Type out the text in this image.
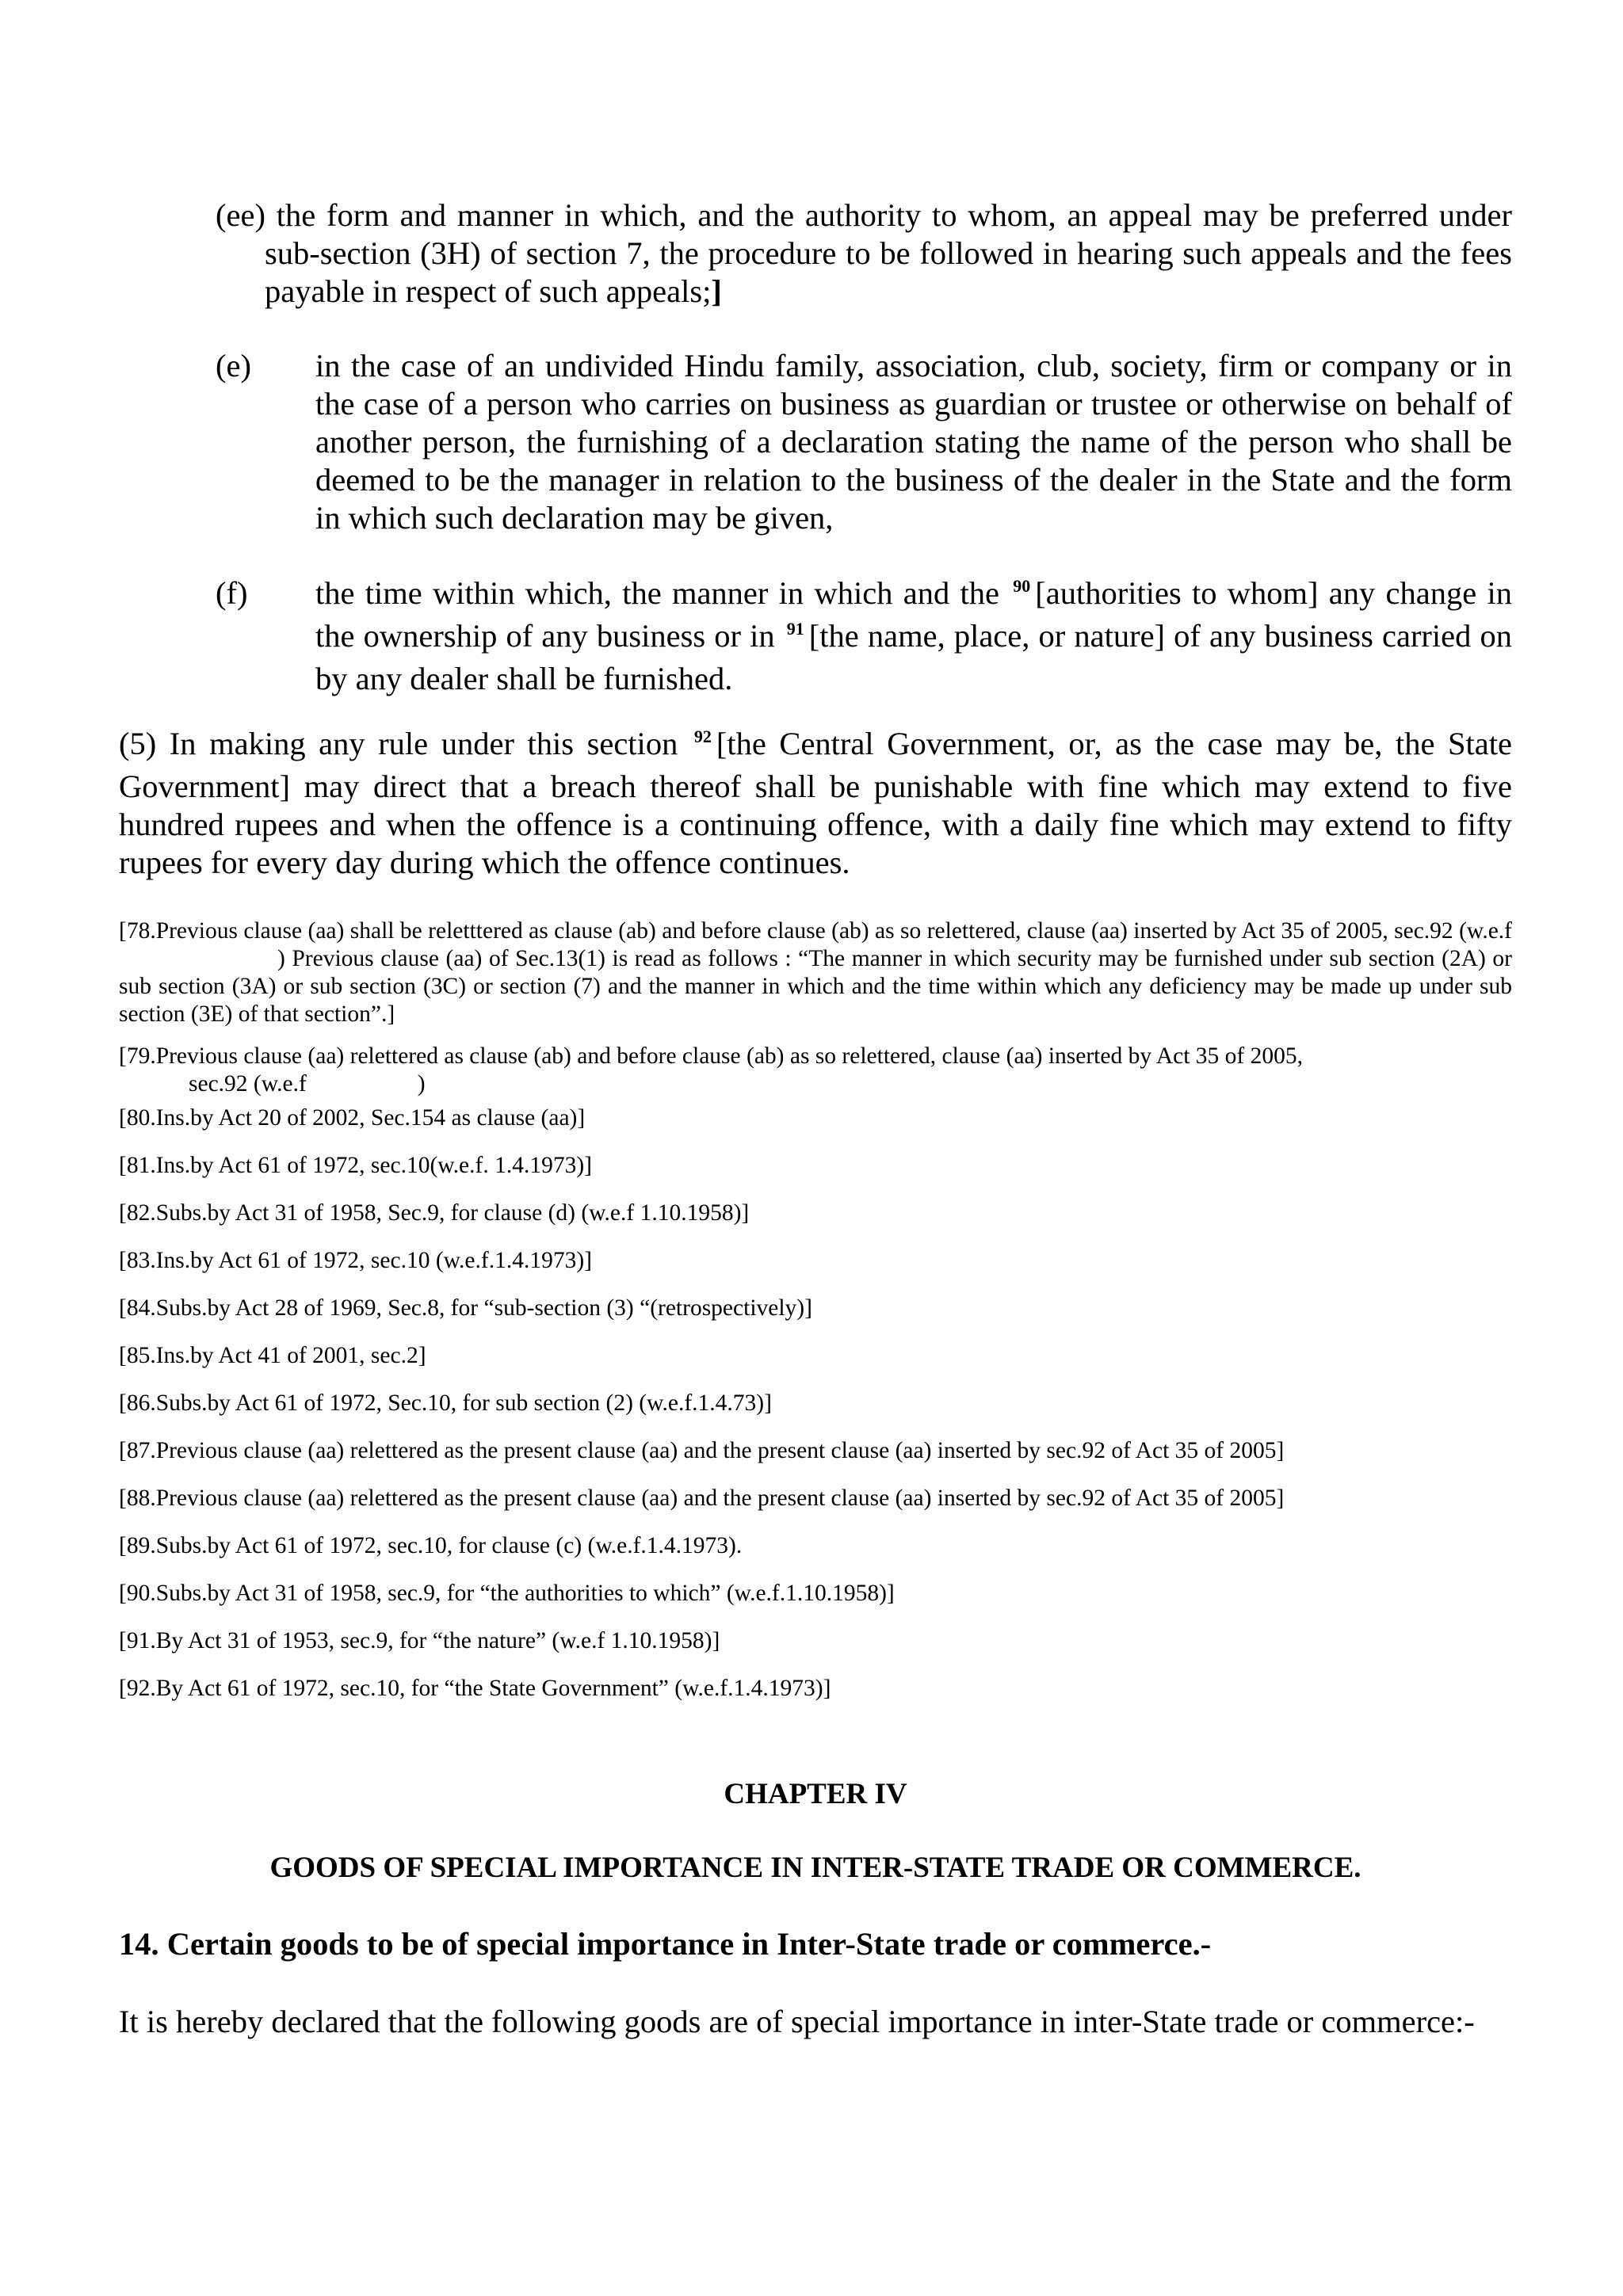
(ee) the form and manner in which, and the authority to whom, an appeal may be preferred under sub-section (3H) of section 7, the procedure to be followed in hearing such appeals and the fees payable in respect of such appeals;]
(e) in the case of an undivided Hindu family, association, club, society, firm or company or in the case of a person who carries on business as guardian or trustee or otherwise on behalf of another person, the furnishing of a declaration stating the name of the person who shall be deemed to be the manager in relation to the business of the dealer in the State and the form in which such declaration may be given,
(f) the time within which, the manner in which and the $^{90}$ [authorities to whom] any change in the ownership of any business or in $^{91}$ [the name, place, or nature] of any business carried on by any dealer shall be furnished.
(5) In making any rule under this section $^{92}$ [the Central Government, or, as the case may be, the State Government] may direct that a breach thereof shall be punishable with fine which may extend to five hundred rupees and when the offence is a continuing offence, with a daily fine which may extend to fifty rupees for every day during which the offence continues.
[78.Previous clause (aa) shall be reletttered as clause (ab) and before clause (ab) as so relettered, clause (aa) inserted by Act 35 of 2005, sec.92 (w.e.f) Previous clause (aa) of Sec.13(1) is read as follows : “The manner in which security may be furnished under sub section (2A) or sub section (3A) or sub section (3C) or section (7) and the manner in which and the time within which any deficiency may be made up under sub section (3E) of that section”.]
[79.Previous clause (aa) relettered as clause (ab) and before clause (ab) as so relettered, clause (aa) inserted by Act 35 of 2005,
sec.92 (w.e.f	)
[80.Ins.by Act 20 of 2002, Sec.154 as clause (aa)]
[81.Ins.by Act 61 of 1972, sec.10(w.e.f. 1.4.1973)]
[82.Subs.by Act 31 of 1958, Sec.9, for clause (d) (w.e.f 1.10.1958)]
[83.Ins.by Act 61 of 1972, sec.10 (w.e.f.1.4.1973)]
[84.Subs.by Act 28 of 1969, Sec.8, for “sub-section (3) “(retrospectively)]
[85.Ins.by Act 41 of 2001, sec.2]
[86.Subs.by Act 61 of 1972, Sec.10, for sub section (2) (w.e.f.1.4.73)]
[87.Previous clause (aa) relettered as the present clause (aa) and the present clause (aa) inserted by sec.92 of Act 35 of 2005]
[88.Previous clause (aa) relettered as the present clause (aa) and the present clause (aa) inserted by sec.92 of Act 35 of 2005]
[89.Subs.by Act 61 of 1972, sec.10, for clause (c) (w.e.f.1.4.1973).
[90.Subs.by Act 31 of 1958, sec.9, for “the authorities to which” (w.e.f.1.10.1958)]
[91.By Act 31 of 1953, sec.9, for “the nature” (w.e.f 1.10.1958)]
[92.By Act 61 of 1972, sec.10, for “the State Government” (w.e.f.1.4.1973)]
CHAPTER IV
GOODS OF SPECIAL IMPORTANCE IN INTER-STATE TRADE OR COMMERCE.
14. Certain goods to be of special importance in Inter-State trade or commerce.-
It is hereby declared that the following goods are of special importance in inter-State trade or commerce:-
